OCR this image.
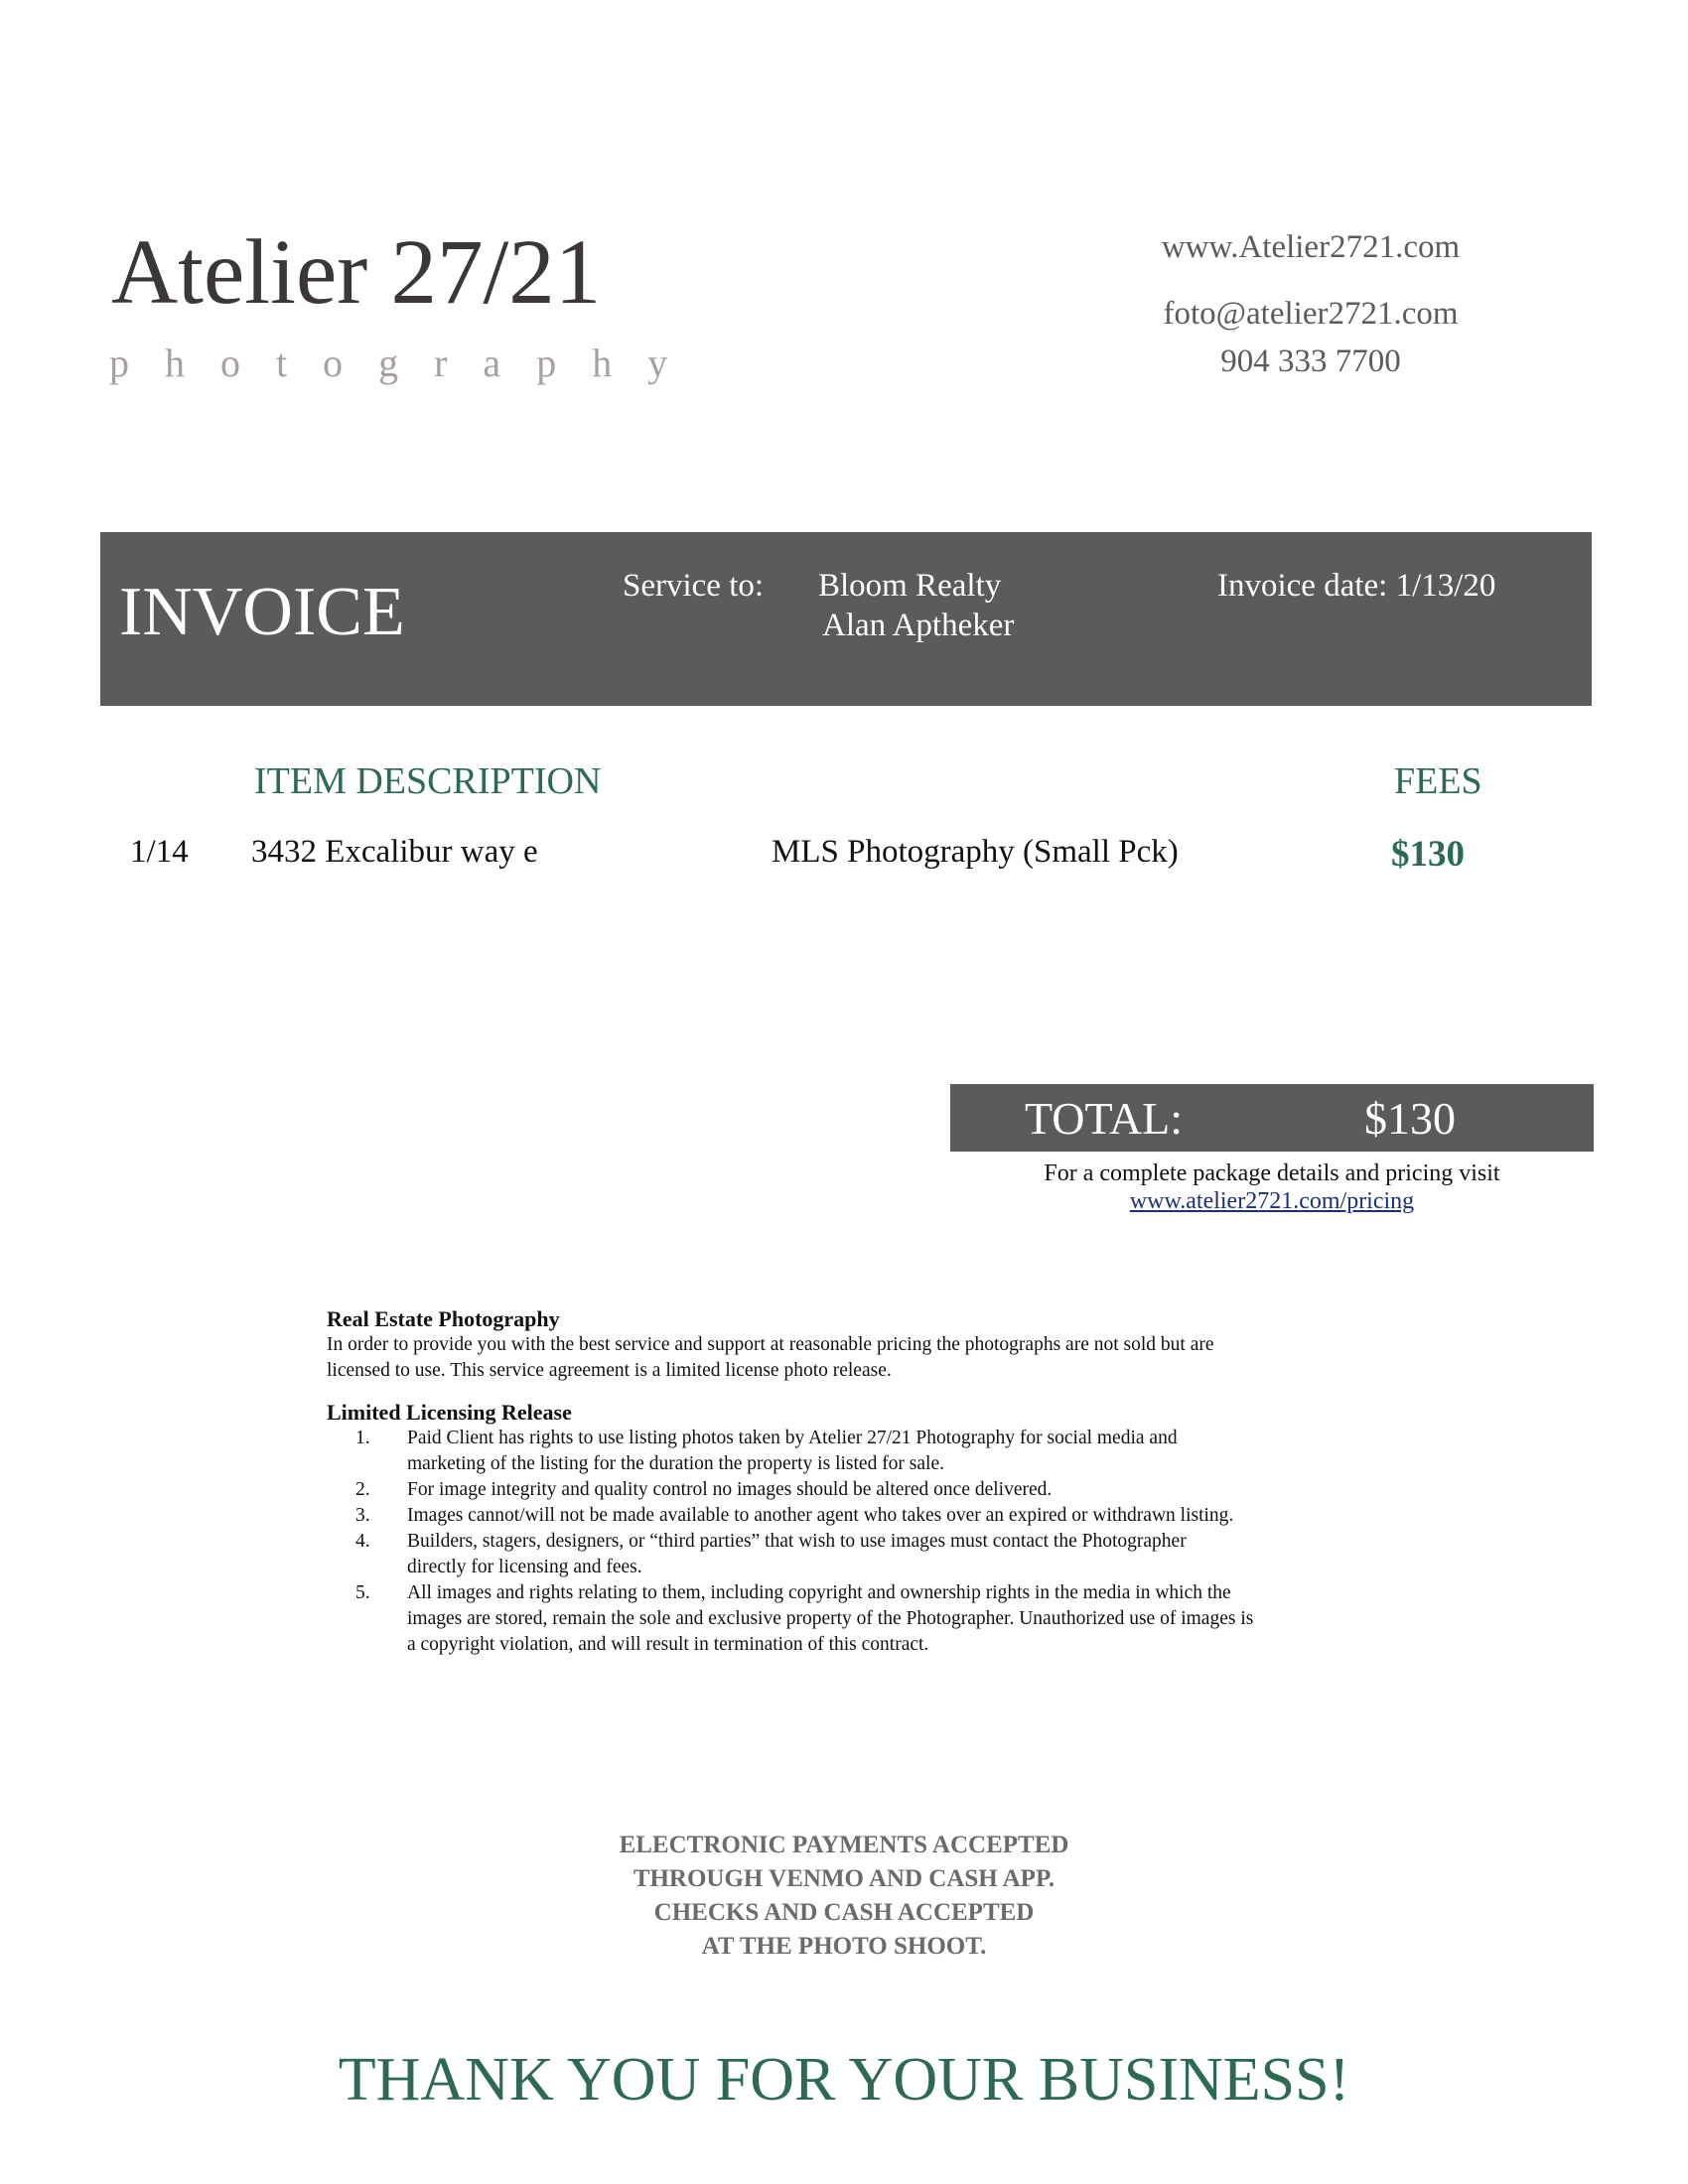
Atelier 27/21
photography
www.Atelier2721.com
foto@atelier2721.com
904 333 7700
INVOICE	Service to: Bloom Realty
Alan Aptheker
Invoice date: 1/13/20
ITEM DESCRIPTION	FEES
1/14 3432 Excalibur way e	MLS Photography (Small Pck)	$130
TOTAL:	$130
For a complete package details and pricing visit
www.atelier2721.com/pricing
Real Estate Photography
In order to provide you with the best service and support at reasonable pricing the photographs are not sold but are
licensed to use. This service agreement is a limited license photo release.
Limited Licensing Release
1. Paid Client has rights to use listing photos taken by Atelier 27/21 Photography for social media and
marketing of the listing for the duration the property is listed for sale.
2. For image integrity and quality control no images should be altered once delivered.
3. Images cannot/will not be made available to another agent who takes over an expired or withdrawn listing.
4. Builders, stagers, designers, or “third parties” that wish to use images must contact the Photographer
directly for licensing and fees.
5. All images and rights relating to them, including copyright and ownership rights in the media in which the
images are stored, remain the sole and exclusive property of the Photographer. Unauthorized use of images is
a copyright violation, and will result in termination of this contract.
ELECTRONIC PAYMENTS ACCEPTED
THROUGH VENMO AND CASH APP.
CHECKS AND CASH ACCEPTED
AT THE PHOTO SHOOT.
THANK YOU FOR YOUR BUSINESS!
